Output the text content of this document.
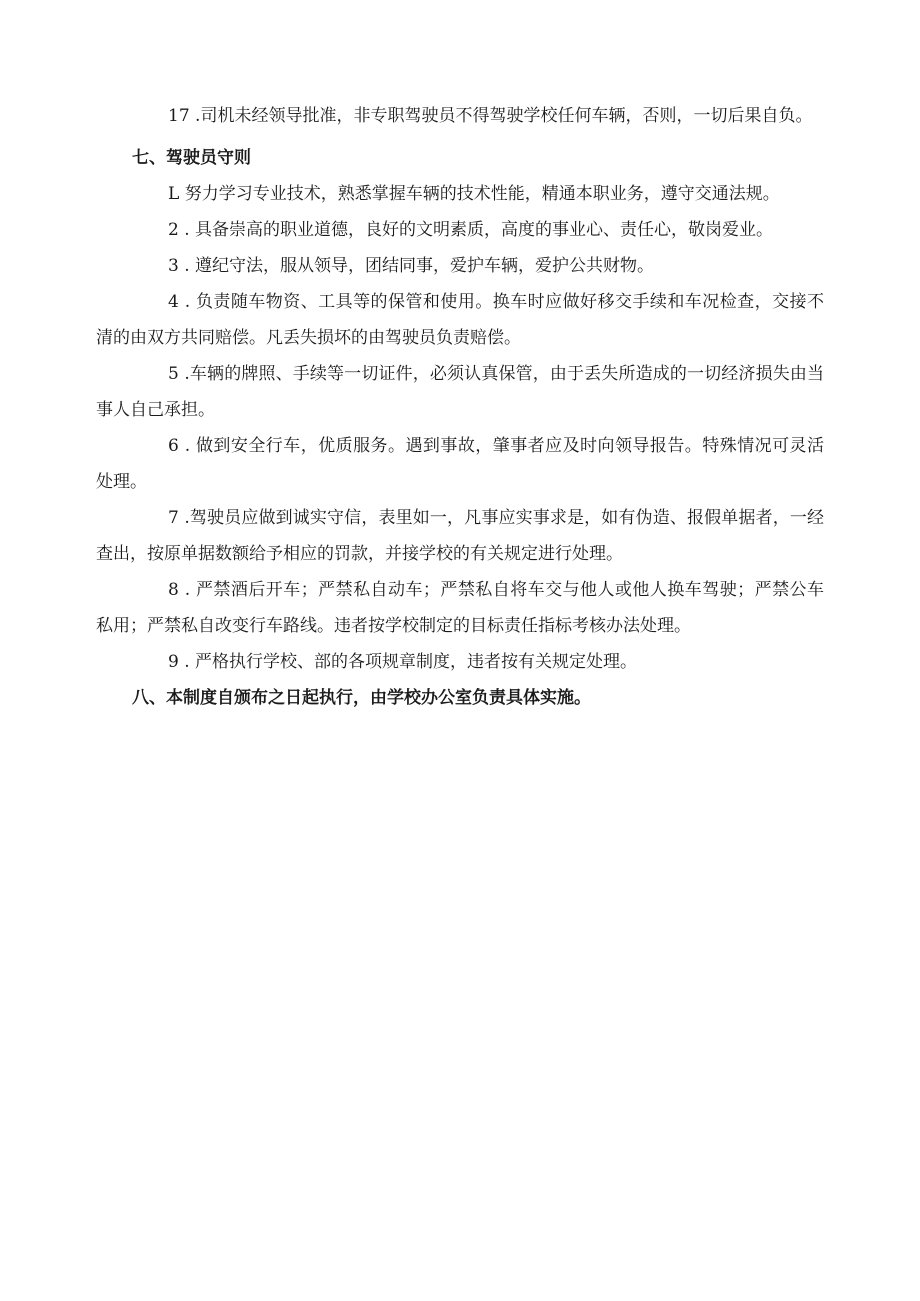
17 .司机未经领导批准，非专职驾驶员不得驾驶学校任何车辆，否则，一切后果自负。

七、驾驶员守则

L 努力学习专业技术，熟悉掌握车辆的技术性能，精通本职业务，遵守交通法规。

2 . 具备崇高的职业道德，良好的文明素质，高度的事业心、责任心，敬岗爱业。

3 . 遵纪守法，服从领导，团结同事，爱护车辆，爱护公共财物。

4 . 负责随车物资、工具等的保管和使用。换车时应做好移交手续和车况检查，交接不清的由双方共同赔偿。凡丢失损坏的由驾驶员负责赔偿。

5 .车辆的牌照、手续等一切证件，必须认真保管，由于丢失所造成的一切经济损失由当事人自己承担。

6 . 做到安全行车，优质服务。遇到事故，肇事者应及时向领导报告。特殊情况可灵活处理。

7 .驾驶员应做到诚实守信，表里如一，凡事应实事求是，如有伪造、报假单据者，一经查出，按原单据数额给予相应的罚款，并接学校的有关规定进行处理。

8 . 严禁酒后开车；严禁私自动车；严禁私自将车交与他人或他人换车驾驶；严禁公车私用；严禁私自改变行车路线。违者按学校制定的目标责任指标考核办法处理。

9 . 严格执行学校、部的各项规章制度，违者按有关规定处理。

八、本制度自颁布之日起执行，由学校办公室负责具体实施。
